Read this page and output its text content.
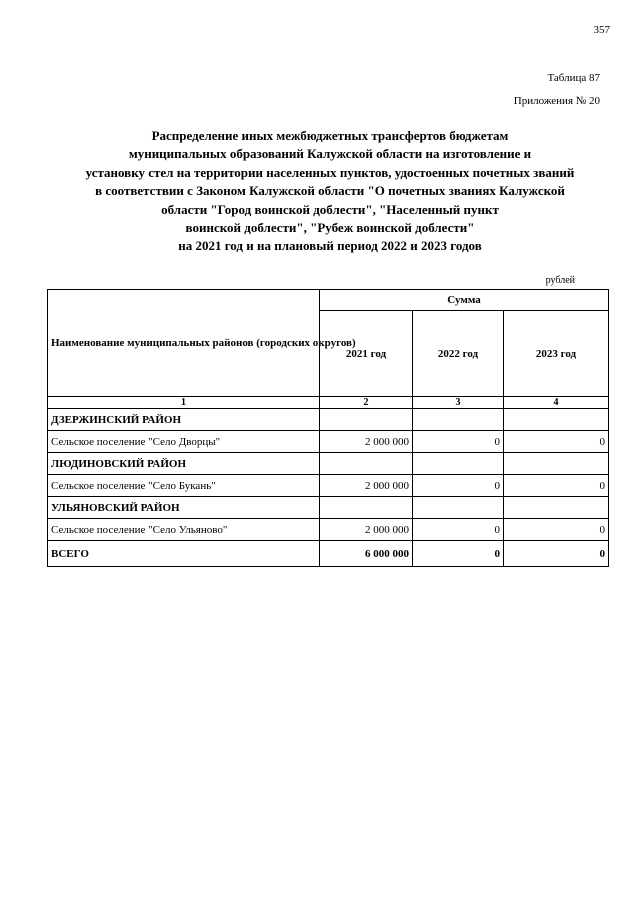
357
Таблица 87
Приложения № 20
Распределение иных межбюджетных трансфертов бюджетам
муниципальных образований Калужской области на изготовление и
установку стел на территории населенных пунктов, удостоенных почетных званий
в соответствии с Законом Калужской области "О почетных званиях Калужской
области "Город воинской доблести", "Населенный пункт
воинской доблести", "Рубеж воинской доблести"
на 2021 год и на плановый период 2022 и 2023 годов
рублей
Наименование муниципальных районов (городских округов)	Сумма		
	2021 год	2022 год	2023 год
1	2	3	4
ДЗЕРЖИНСКИЙ РАЙОН			
Сельское поселение "Село Дворцы"	2 000 000	0	0
ЛЮДИНОВСКИЙ РАЙОН			
Сельское поселение "Село Букань"	2 000 000	0	0
УЛЬЯНОВСКИЙ РАЙОН			
Сельское поселение "Село Ульяново"	2 000 000	0	0
ВСЕГО	6 000 000	0	0
